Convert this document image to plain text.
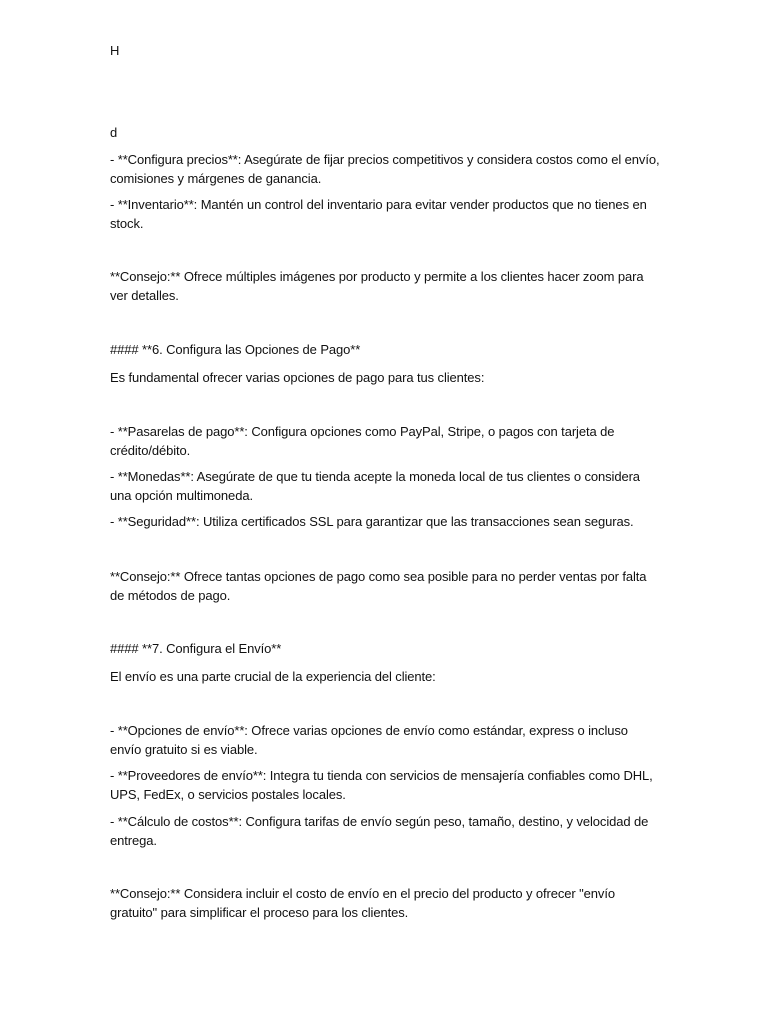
H
d
- **Configura precios**: Asegúrate de fijar precios competitivos y considera costos como el envío, comisiones y márgenes de ganancia.
- **Inventario**: Mantén un control del inventario para evitar vender productos que no tienes en stock.
**Consejo:** Ofrece múltiples imágenes por producto y permite a los clientes hacer zoom para ver detalles.
#### **6. Configura las Opciones de Pago**
Es fundamental ofrecer varias opciones de pago para tus clientes:
- **Pasarelas de pago**: Configura opciones como PayPal, Stripe, o pagos con tarjeta de crédito/débito.
- **Monedas**: Asegúrate de que tu tienda acepte la moneda local de tus clientes o considera una opción multimoneda.
- **Seguridad**: Utiliza certificados SSL para garantizar que las transacciones sean seguras.
**Consejo:** Ofrece tantas opciones de pago como sea posible para no perder ventas por falta de métodos de pago.
#### **7. Configura el Envío**
El envío es una parte crucial de la experiencia del cliente:
- **Opciones de envío**: Ofrece varias opciones de envío como estándar, express o incluso envío gratuito si es viable.
- **Proveedores de envío**: Integra tu tienda con servicios de mensajería confiables como DHL, UPS, FedEx, o servicios postales locales.
- **Cálculo de costos**: Configura tarifas de envío según peso, tamaño, destino, y velocidad de entrega.
**Consejo:** Considera incluir el costo de envío en el precio del producto y ofrecer "envío gratuito" para simplificar el proceso para los clientes.
